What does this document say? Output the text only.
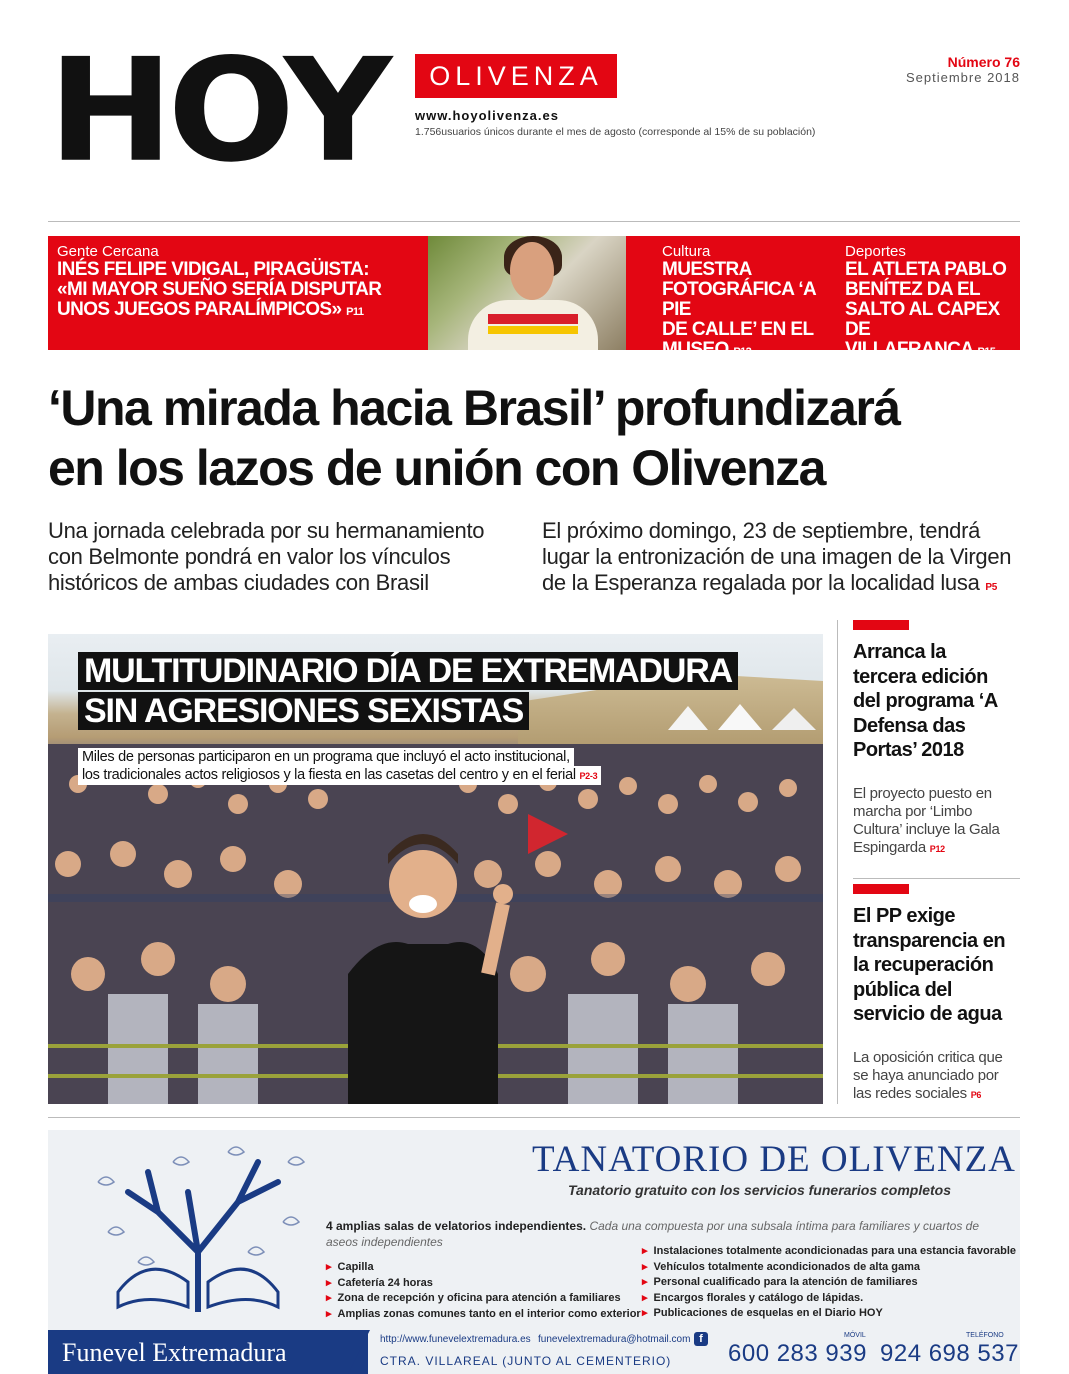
HOY	OLIVENZA
www.hoyolivenza.es
1.756usuarios únicos durante el mes de agosto (corresponde al 15% de su población)
Número 76
Septiembre 2018
Gente Cercana
INÉS FELIPE VIDIGAL, PIRAGÜISTA:
«MI MAYOR SUEÑO SERÍA DISPUTAR
UNOS JUEGOS PARALÍMPICOS» P11
Cultura
MUESTRA
FOTOGRÁFICA ‘A PIE
DE CALLE’ EN EL
MUSEO P12
Deportes
EL ATLETA PABLO
BENÍTEZ DA EL
SALTO AL CAPEX DE
VILLAFRANCA P15
‘Una mirada hacia Brasil’ profundizará
en los lazos de unión con Olivenza
Una jornada celebrada por su hermanamiento
con Belmonte pondrá en valor los vínculos
históricos de ambas ciudades con Brasil
El próximo domingo, 23 de septiembre, tendrá
lugar la entronización de una imagen de la Virgen
de la Esperanza regalada por la localidad lusa P5
MULTITUDINARIO DÍA DE EXTREMADURA
SIN AGRESIONES SEXISTAS
Miles de personas participaron en un programa que incluyó el acto institucional,
los tradicionales actos religiosos y la fiesta en las casetas del centro y en el ferial P2-3
Arranca la
tercera edición
del programa ‘A
Defensa das
Portas’ 2018
El proyecto puesto en
marcha por ‘Limbo
Cultura’ incluye la Gala
Espingarda P12
El PP exige
transparencia en
la recuperación
pública del
servicio de agua
La oposición critica que
se haya anunciado por
las redes sociales P6
TANATORIO DE OLIVENZA
Tanatorio gratuito con los servicios funerarios completos
4 amplias salas de velatorios independientes. Cada una compuesta por una subsala íntima para familiares y cuartos de aseos independientes
▸ Capilla
▸ Cafetería 24 horas
▸ Zona de recepción y oficina para atención a familiares
▸ Amplias zonas comunes tanto en el interior como exterior
▸ Instalaciones totalmente acondicionadas para una estancia favorable
▸ Vehículos totalmente acondicionados de alta gama
▸ Personal cualificado para la atención de familiares
▸ Encargos florales y catálogo de lápidas.
▸ Publicaciones de esquelas en el Diario HOY
Funevel Extremadura	http://www.funevelextremadura.es funevelextremadura@hotmail.com f
CTRA. VILLAREAL (JUNTO AL CEMENTERIO)
MÓVIL	TELÉFONO
600 283 939 924 698 537
